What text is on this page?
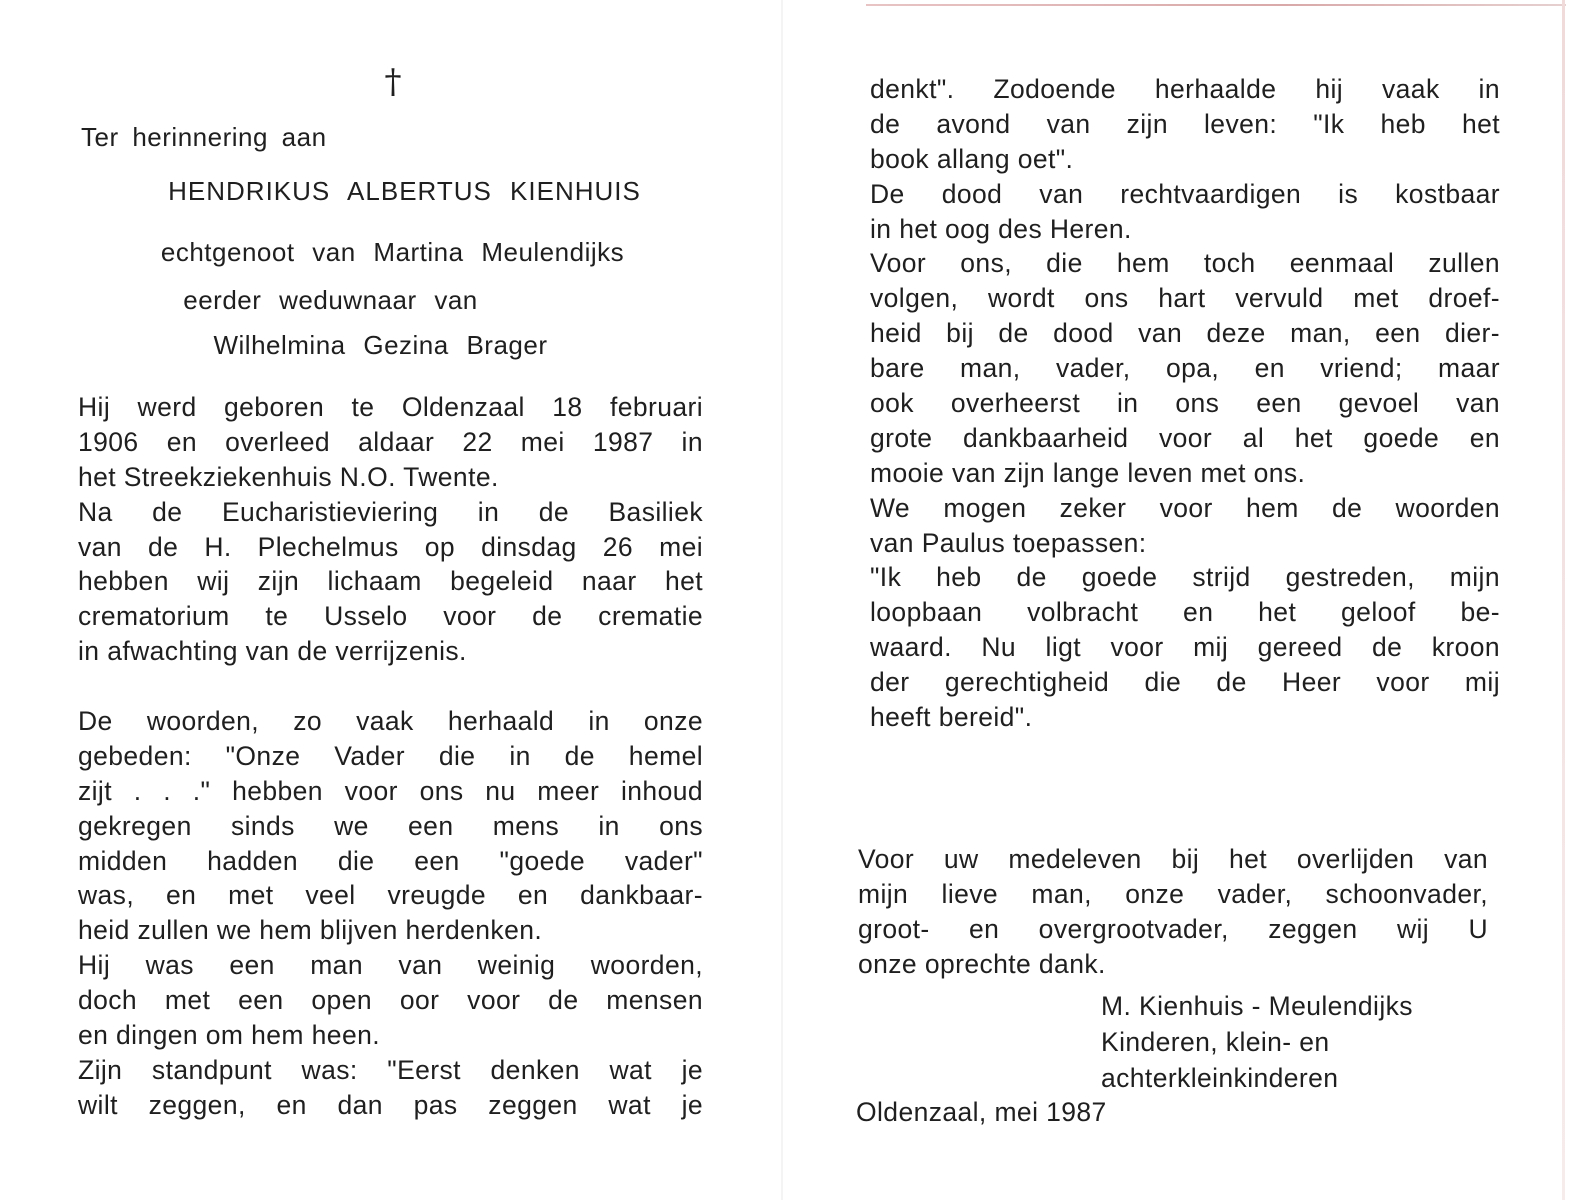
†
Ter herinnering aan
HENDRIKUS ALBERTUS KIENHUIS
echtgenoot van Martina Meulendijks
eerder weduwnaar van
Wilhelmina Gezina Brager
Hij werd geboren te Oldenzaal 18 februari
1906 en overleed aldaar 22 mei 1987 in
het Streekziekenhuis N.O. Twente.
Na de Eucharistieviering in de Basiliek
van de H. Plechelmus op dinsdag 26 mei
hebben wij zijn lichaam begeleid naar het
crematorium te Usselo voor de crematie
in afwachting van de verrijzenis.
De woorden, zo vaak herhaald in onze
gebeden: "Onze Vader die in de hemel
zijt . . ." hebben voor ons nu meer inhoud
gekregen sinds we een mens in ons
midden hadden die een "goede vader"
was, en met veel vreugde en dankbaar-
heid zullen we hem blijven herdenken.
Hij was een man van weinig woorden,
doch met een open oor voor de mensen
en dingen om hem heen.
Zijn standpunt was: "Eerst denken wat je
wilt zeggen, en dan pas zeggen wat je
denkt". Zodoende herhaalde hij vaak in
de avond van zijn leven: "Ik heb het
book allang oet".
De dood van rechtvaardigen is kostbaar
in het oog des Heren.
Voor ons, die hem toch eenmaal zullen
volgen, wordt ons hart vervuld met droef-
heid bij de dood van deze man, een dier-
bare man, vader, opa, en vriend; maar
ook overheerst in ons een gevoel van
grote dankbaarheid voor al het goede en
mooie van zijn lange leven met ons.
We mogen zeker voor hem de woorden
van Paulus toepassen:
"Ik heb de goede strijd gestreden, mijn
loopbaan volbracht en het geloof be-
waard. Nu ligt voor mij gereed de kroon
der gerechtigheid die de Heer voor mij
heeft bereid".
Voor uw medeleven bij het overlijden van
mijn lieve man, onze vader, schoonvader,
groot- en overgrootvader, zeggen wij U
onze oprechte dank.
M. Kienhuis - Meulendijks
Kinderen, klein- en
achterkleinkinderen
Oldenzaal, mei 1987
